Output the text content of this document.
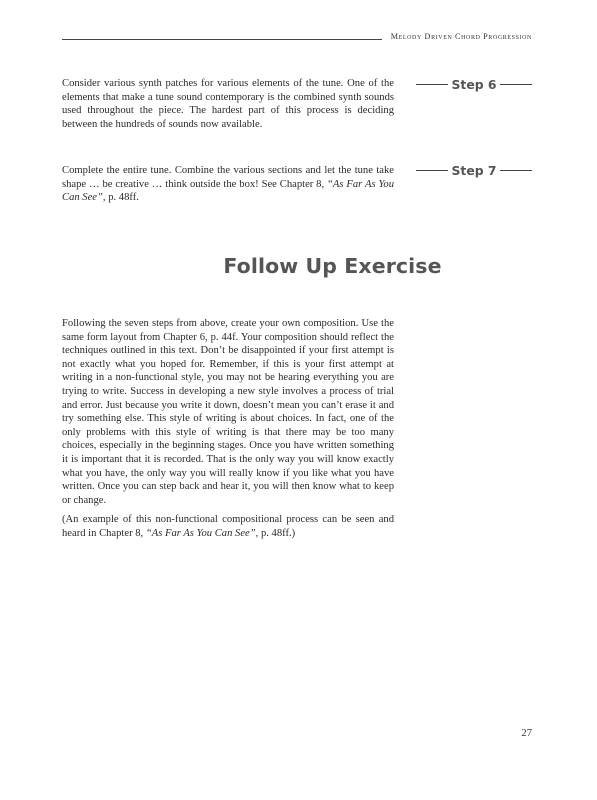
Melody Driven Chord Progression
Consider various synth patches for various elements of the tune. One of the elements that make a tune sound contemporary is the combined synth sounds used throughout the piece. The hardest part of this process is deciding between the hundreds of sounds now available.
Step 6
Complete the entire tune. Combine the various sections and let the tune take shape … be creative … think outside the box! See Chapter 8, “As Far As You Can See”, p. 48ff.
Step 7
Follow Up Exercise

Following the seven steps from above, create your own composition. Use the same form layout from Chapter 6, p. 44f. Your composition should reflect the techniques outlined in this text. Don’t be disappointed if your first attempt is not exactly what you hoped for. Remember, if this is your first attempt at writing in a non-functional style, you may not be hearing everything you are trying to write. Success in developing a new style involves a process of trial and error. Just because you write it down, doesn’t mean you can’t erase it and try something else. This style of writing is about choices. In fact, one of the only problems with this style of writing is that there may be too many choices, especially in the beginning stages. Once you have written something it is important that it is recorded. That is the only way you will know exactly what you have, the only way you will really know if you like what you have written. Once you can step back and hear it, you will then know what to keep or change.

(An example of this non-functional compositional process can be seen and heard in Chapter 8, “As Far As You Can See”, p. 48ff.)

27
